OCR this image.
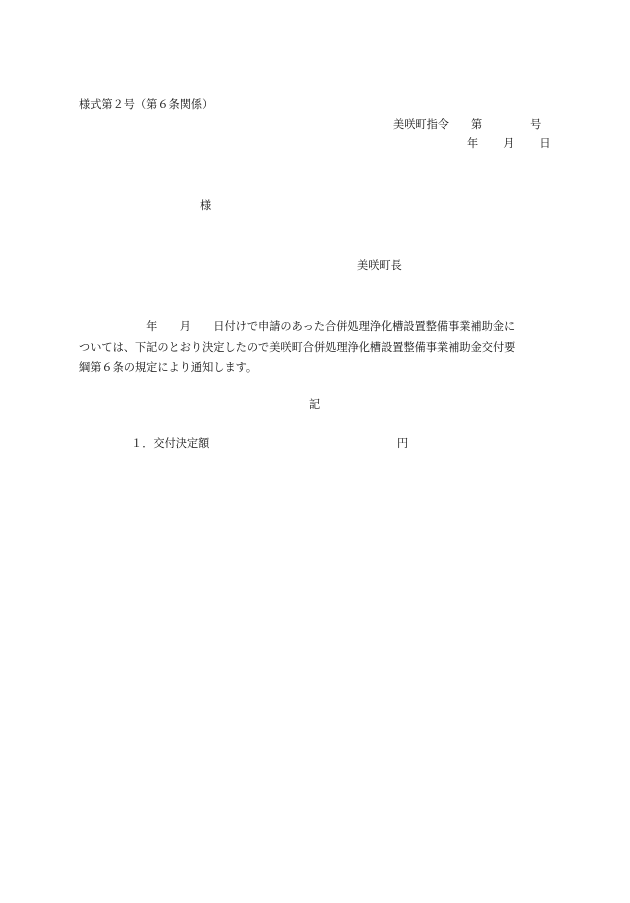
様式第２号（第６条関係）
美咲町指令 第	号
年 月 日
様
美咲町長
　　　　　　年　　月　　日付けで申請のあった合併処理浄化槽設置整備事業補助金に
ついては、下記のとおり決定したので美咲町合併処理浄化槽設置整備事業補助金交付要
綱第６条の規定により通知します。
記
１．交付決定額	円
